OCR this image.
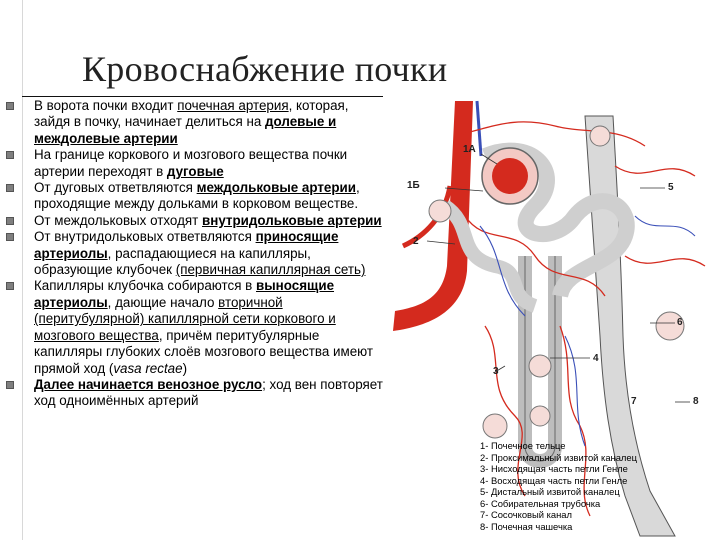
Кровоснабжение почки
В ворота почки входит почечная артерия, которая, зайдя в почку, начинает делиться на долевые и междолевые артерии
На границе коркового и мозгового вещества почки артерии переходят в дуговые
От дуговых ответвляются междольковые артерии, проходящие между дольками в корковом веществе.
От междольковых отходят внутридольковые артерии
От внутридольковых ответвляются приносящие артериолы, распадающиеся на капилляры, образующие клубочек (первичная капиллярная сеть)
Капилляры клубочка собираются в выносящие артериолы, дающие начало вторичной (перитубулярной) капиллярной сети коркового и мозгового вещества, причём перитубулярные капилляры глубоких слоёв мозгового вещества имеют прямой ход (vasa rectae)
Далее начинается венозное русло; ход вен повторяет ход одноимённых артерий
1А
1Б
2
3
4
5
6
7	8
1- Почечное тельце
2- Проксимальный извитой каналец
3- Нисходящая часть петли Генле
4- Восходящая часть петли Генле
5- Дистальный извитой каналец
6- Собирательная трубочка
7- Сосочковый канал
8- Почечная чашечка
